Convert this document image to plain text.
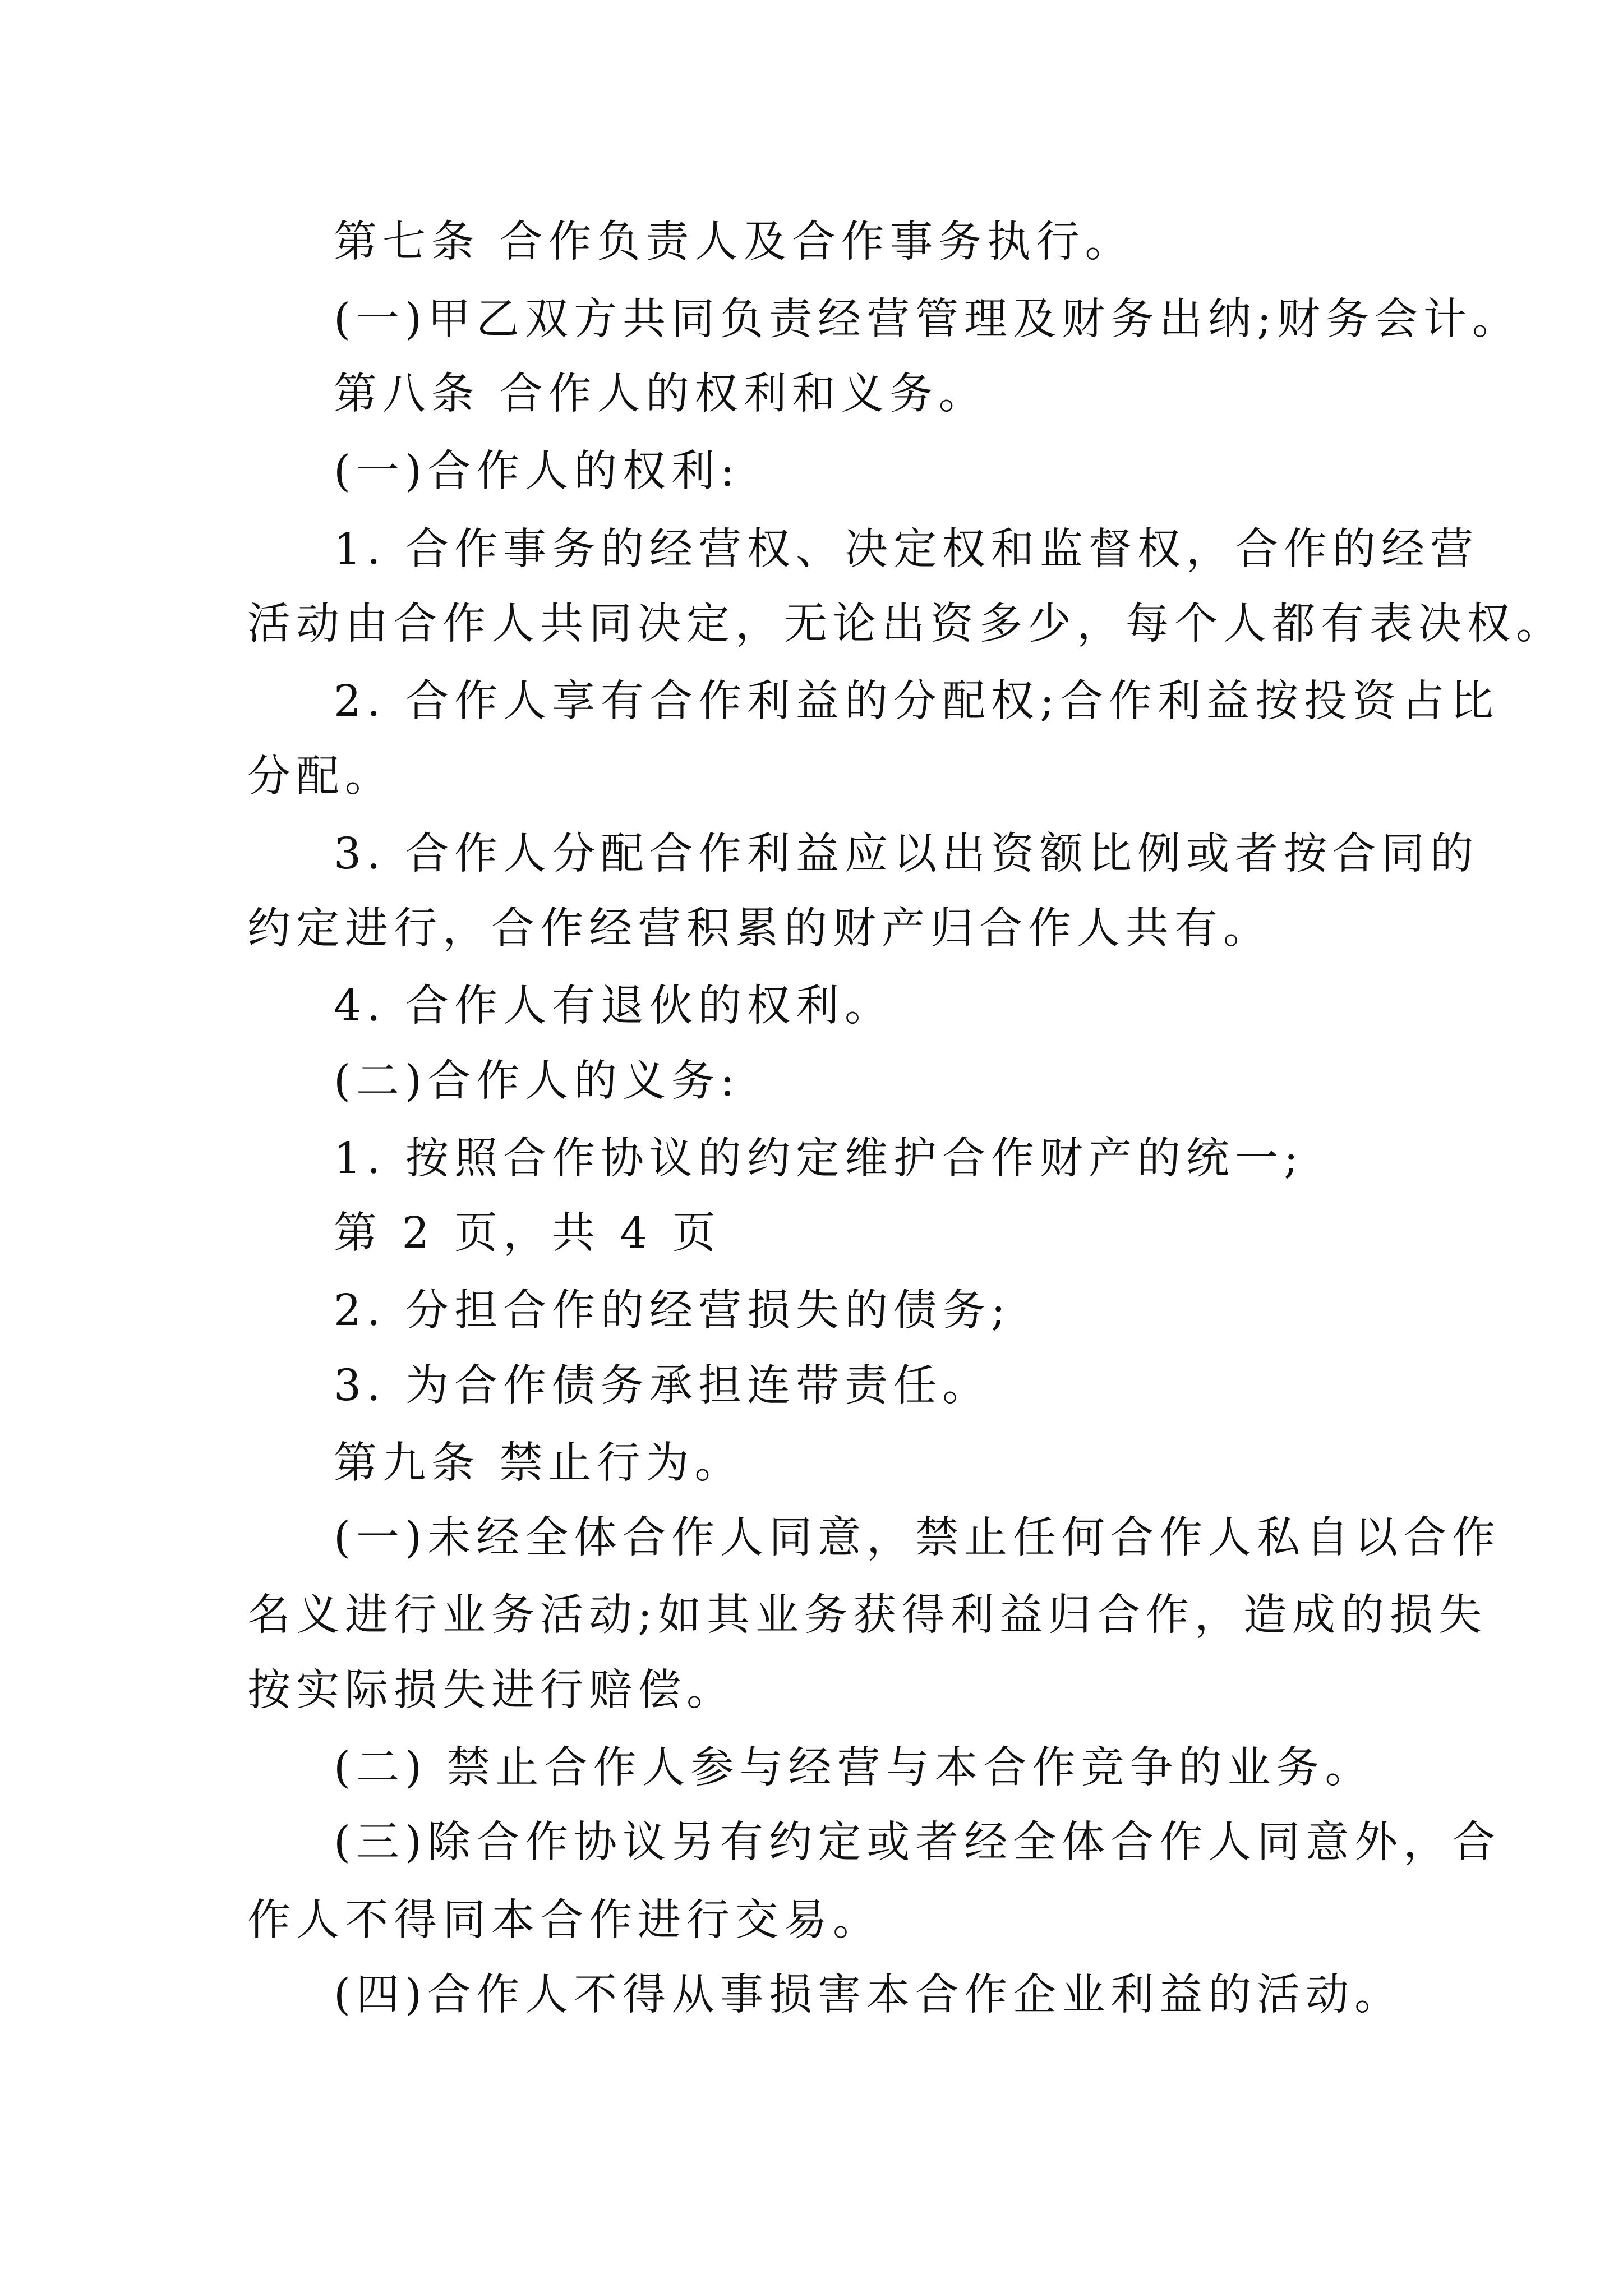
第七条 合作负责人及合作事务执行。
(一)甲乙双方共同负责经营管理及财务出纳;财务会计。
第八条 合作人的权利和义务。
(一)合作人的权利:
1. 合作事务的经营权、决定权和监督权，合作的经营
活动由合作人共同决定，无论出资多少，每个人都有表决权。
2. 合作人享有合作利益的分配权;合作利益按投资占比
分配。
3. 合作人分配合作利益应以出资额比例或者按合同的
约定进行，合作经营积累的财产归合作人共有。
4. 合作人有退伙的权利。
(二)合作人的义务:
1. 按照合作协议的约定维护合作财产的统一;
第 2 页，共 4 页
2. 分担合作的经营损失的债务;
3. 为合作债务承担连带责任。
第九条 禁止行为。
(一)未经全体合作人同意，禁止任何合作人私自以合作
名义进行业务活动;如其业务获得利益归合作，造成的损失
按实际损失进行赔偿。
(二) 禁止合作人参与经营与本合作竞争的业务。
(三)除合作协议另有约定或者经全体合作人同意外，合
作人不得同本合作进行交易。
(四)合作人不得从事损害本合作企业利益的活动。
